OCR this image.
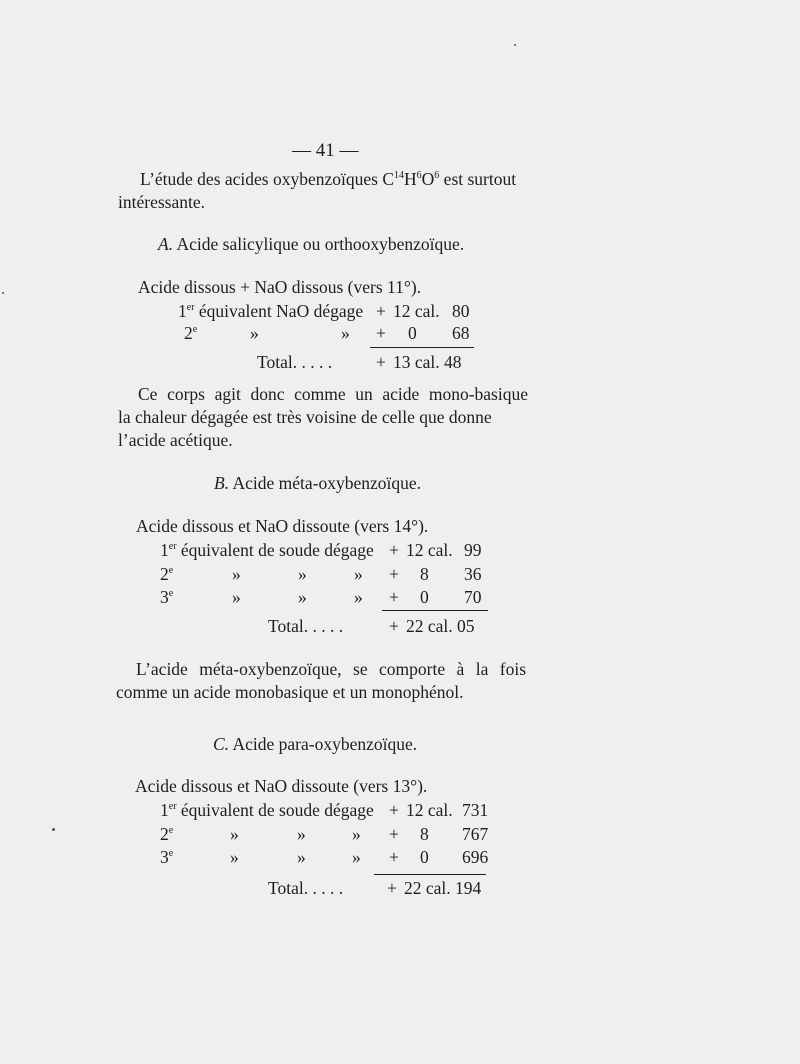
— 41 —
L’étude des acides oxybenzoïques $C^{14}H^6O^6$ est surtout
intéressante.
A. Acide salicylique ou orthooxybenzoïque.
Acide dissous + NaO dissous (vers 11°).
1er équivalent NaO dégage + 12 cal. 80
2e	»	» + 0 68
Total. . . . .	+ 13 cal. 48
Ce corps agit donc comme un acide mono-basique
la chaleur dégagée est très voisine de celle que donne
l’acide acétique.
B. Acide méta-oxybenzoïque.
Acide dissous et NaO dissoute (vers 14°).
1er équivalent de soude dégage + 12 cal. 99
2e	»	»	» + 8 36
3e	»	»	» + 0 70
Total. . . . .	+ 22 cal. 05
L’acide méta-oxybenzoïque, se comporte à la fois
comme un acide monobasique et un monophénol.
C. Acide para-oxybenzoïque.
Acide dissous et NaO dissoute (vers 13°).
1er équivalent de soude dégage + 12 cal. 731
2e	»	»	» + 8 767
3e	»	»	» + 0 696
Total. . . . .	+ 22 cal. 194
